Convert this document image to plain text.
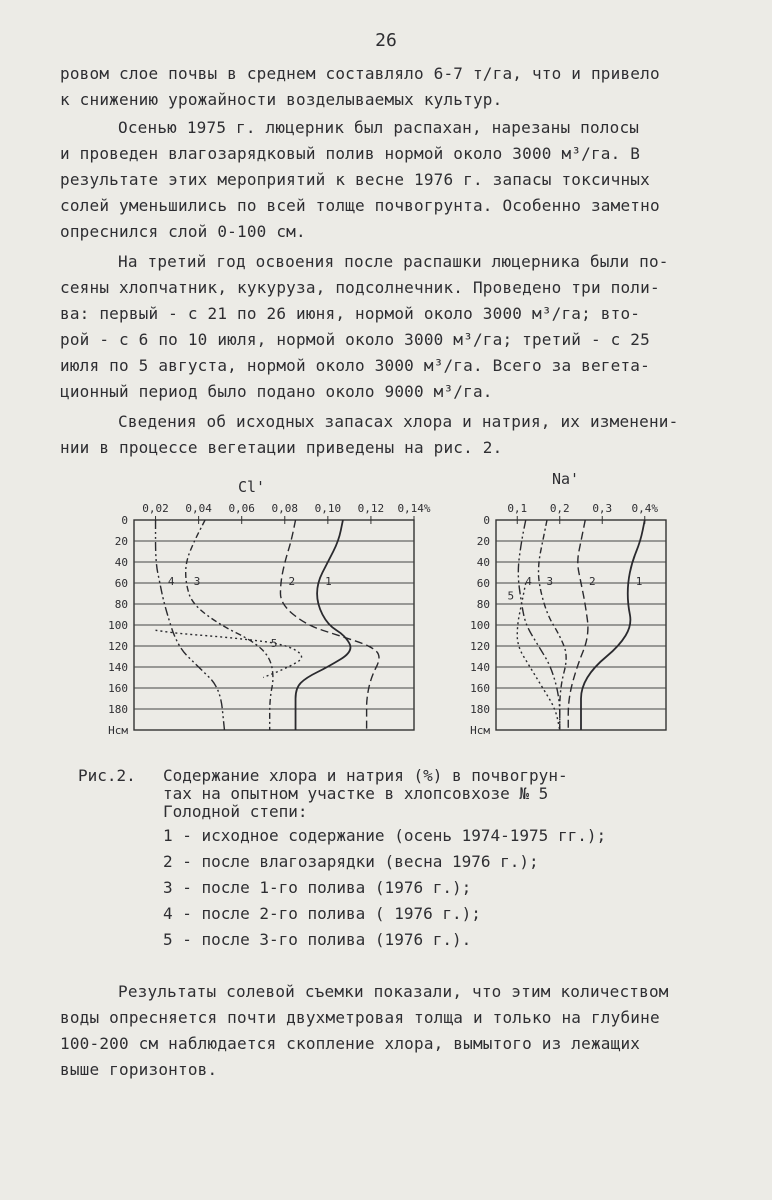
26
ровом слое почвы в среднем составляло 6-7 т/га, что и привело
к снижению урожайности возделываемых культур.
Осенью 1975 г. люцерник был распахан, нарезаны полосы
и проведен влагозарядковый полив нормой около 3000 м³/га. В
результате этих мероприятий к весне 1976 г. запасы токсичных
солей уменьшились по всей толще почвогрунта. Особенно заметно
опреснился слой 0-100 см.
На третий год освоения после распашки люцерника были по-
сеяны хлопчатник, кукуруза, подсолнечник. Проведено три поли-
ва: первый - с 21 по 26 июня, нормой около 3000 м³/га; вто-
рой - с 6 по 10 июля, нормой около 3000 м³/га; третий - с 25
июля по 5 августа, нормой около 3000 м³/га. Всего за вегета-
ционный период было подано около 9000 м³/га.
Сведения об исходных запасах хлора и натрия, их изменени-
нии в процессе вегетации приведены на рис. 2.
Cl'
0
20
40
60
80
100
120
140
160
180
Hсм
0,02 0,04 0,06 0,08 0,10 0,12 0,14%
1
2
3
4
5
Na'
0
20
40
60
80
100
120
140
160
180
Hсм
0,1 0,2 0,3 0,4%
1
2
3
4
5
Рис.2. Содержание хлора и натрия (%) в почвогрун-
тах на опытном участке в хлопсовхозе № 5
Голодной степи:
1 - исходное содержание (осень 1974-1975 гг.);
2 - после влагозарядки (весна 1976 г.);
3 - после 1-го полива (1976 г.);
4 - после 2-го полива ( 1976 г.);
5 - после 3-го полива (1976 г.).
Результаты солевой съемки показали, что этим количеством
воды опресняется почти двухметровая толща и только на глубине
100-200 см наблюдается скопление хлора, вымытого из лежащих
выше горизонтов.
